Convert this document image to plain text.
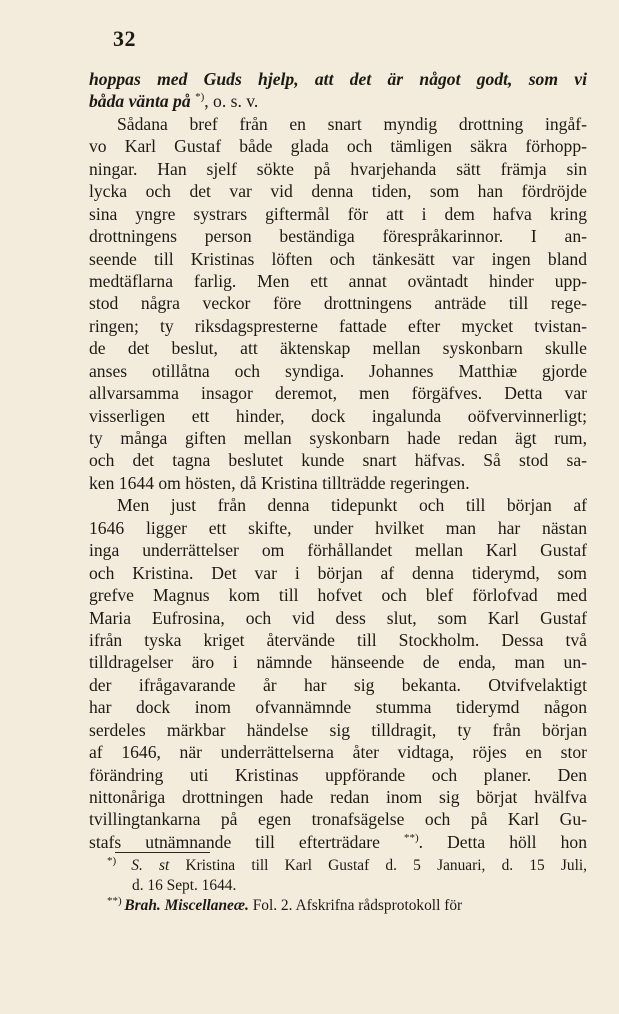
32
hoppas med Guds hjelp, att det är något godt, som vi
båda vänta på *), o. s. v.
Sådana bref från en snart myndig drottning ingåf-
vo Karl Gustaf både glada och tämligen säkra förhopp-
ningar. Han sjelf sökte på hvarjehanda sätt främja sin
lycka och det var vid denna tiden, som han fördröjde
sina yngre systrars giftermål för att i dem hafva kring
drottningens person beständiga förespråkarinnor. I an-
seende till Kristinas löften och tänkesätt var ingen bland
medtäflarna farlig. Men ett annat oväntadt hinder upp-
stod några veckor före drottningens anträde till rege-
ringen; ty riksdagspresterne fattade efter mycket tvistan-
de det beslut, att äktenskap mellan syskonbarn skulle
anses otillåtna och syndiga. Johannes Matthiæ gjorde
allvarsamma insagor deremot, men förgäfves. Detta var
visserligen ett hinder, dock ingalunda oöfvervinnerligt;
ty många giften mellan syskonbarn hade redan ägt rum,
och det tagna beslutet kunde snart häfvas. Så stod sa-
ken 1644 om hösten, då Kristina tillträdde regeringen.
Men just från denna tidepunkt och till början af
1646 ligger ett skifte, under hvilket man har nästan
inga underrättelser om förhållandet mellan Karl Gustaf
och Kristina. Det var i början af denna tiderymd, som
grefve Magnus kom till hofvet och blef förlofvad med
Maria Eufrosina, och vid dess slut, som Karl Gustaf
ifrån tyska kriget återvände till Stockholm. Dessa två
tilldragelser äro i nämnde hänseende de enda, man un-
der ifrågavarande år har sig bekanta. Otvifvelaktigt
har dock inom ofvannämnde stumma tiderymd någon
serdeles märkbar händelse sig tilldragit, ty från början
af 1646, när underrättelserna åter vidtaga, röjes en stor
förändring uti Kristinas uppförande och planer. Den
nittonåriga drottningen hade redan inom sig börjat hvälfva
tvillingtankarna på egen tronafsägelse och på Karl Gu-
stafs utnämnande till efterträdare **). Detta höll hon
*) S. st Kristina till Karl Gustaf d. 5 Januari, d. 15 Juli,
d. 16 Sept. 1644.
**) Brah. Miscellaneæ. Fol. 2. Afskrifna rådsprotokoll för
